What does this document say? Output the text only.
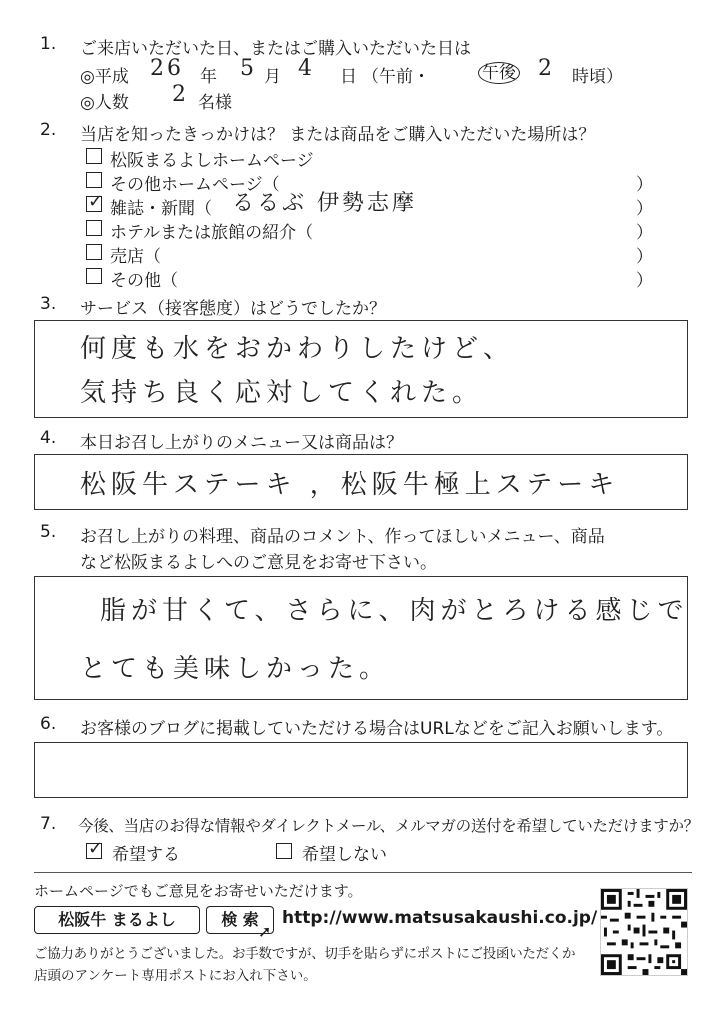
1. ご来店いただいた日、またはご購入いただいた日は
◎平成 26 年 5 月 4 日 （午前・	午後 2 時頃）
◎人数 2 名様
2. 当店を知ったきっかけは？ または商品をご購入いただいた場所は？
松阪まるよしホームページ
その他ホームページ（	）
✓ 雑誌・新聞（ るるぶ 伊勢志摩	）
ホテルまたは旅館の紹介（	）
売店（	）
その他（	）
3. サービス（接客態度）はどうでしたか？
何度も水をおかわりしたけど、
気持ち良く応対してくれた。
4. 本日お召し上がりのメニュー又は商品は？
松阪牛ステーキ ，松阪牛極上ステーキ
5. お召し上がりの料理、商品のコメント、作ってほしいメニュー、商品
など松阪まるよしへのご意見をお寄せ下さい。
脂が甘くて、さらに、肉がとろける感じで
とても美味しかった。
6. お客様のブログに掲載していただける場合はURLなどをご記入お願いします。
7. 今後、当店のお得な情報やダイレクトメール、メルマガの送付を希望していただけますか？
✓ 希望する	希望しない
ホームページでもご意見をお寄せいただけます。
松阪牛 まるよし	検 索
➚
http://www.matsusakaushi.co.jp/
ご協力ありがとうございました。お手数ですが、切手を貼らずにポストにご投函いただくか
店頭のアンケート専用ポストにお入れ下さい。
